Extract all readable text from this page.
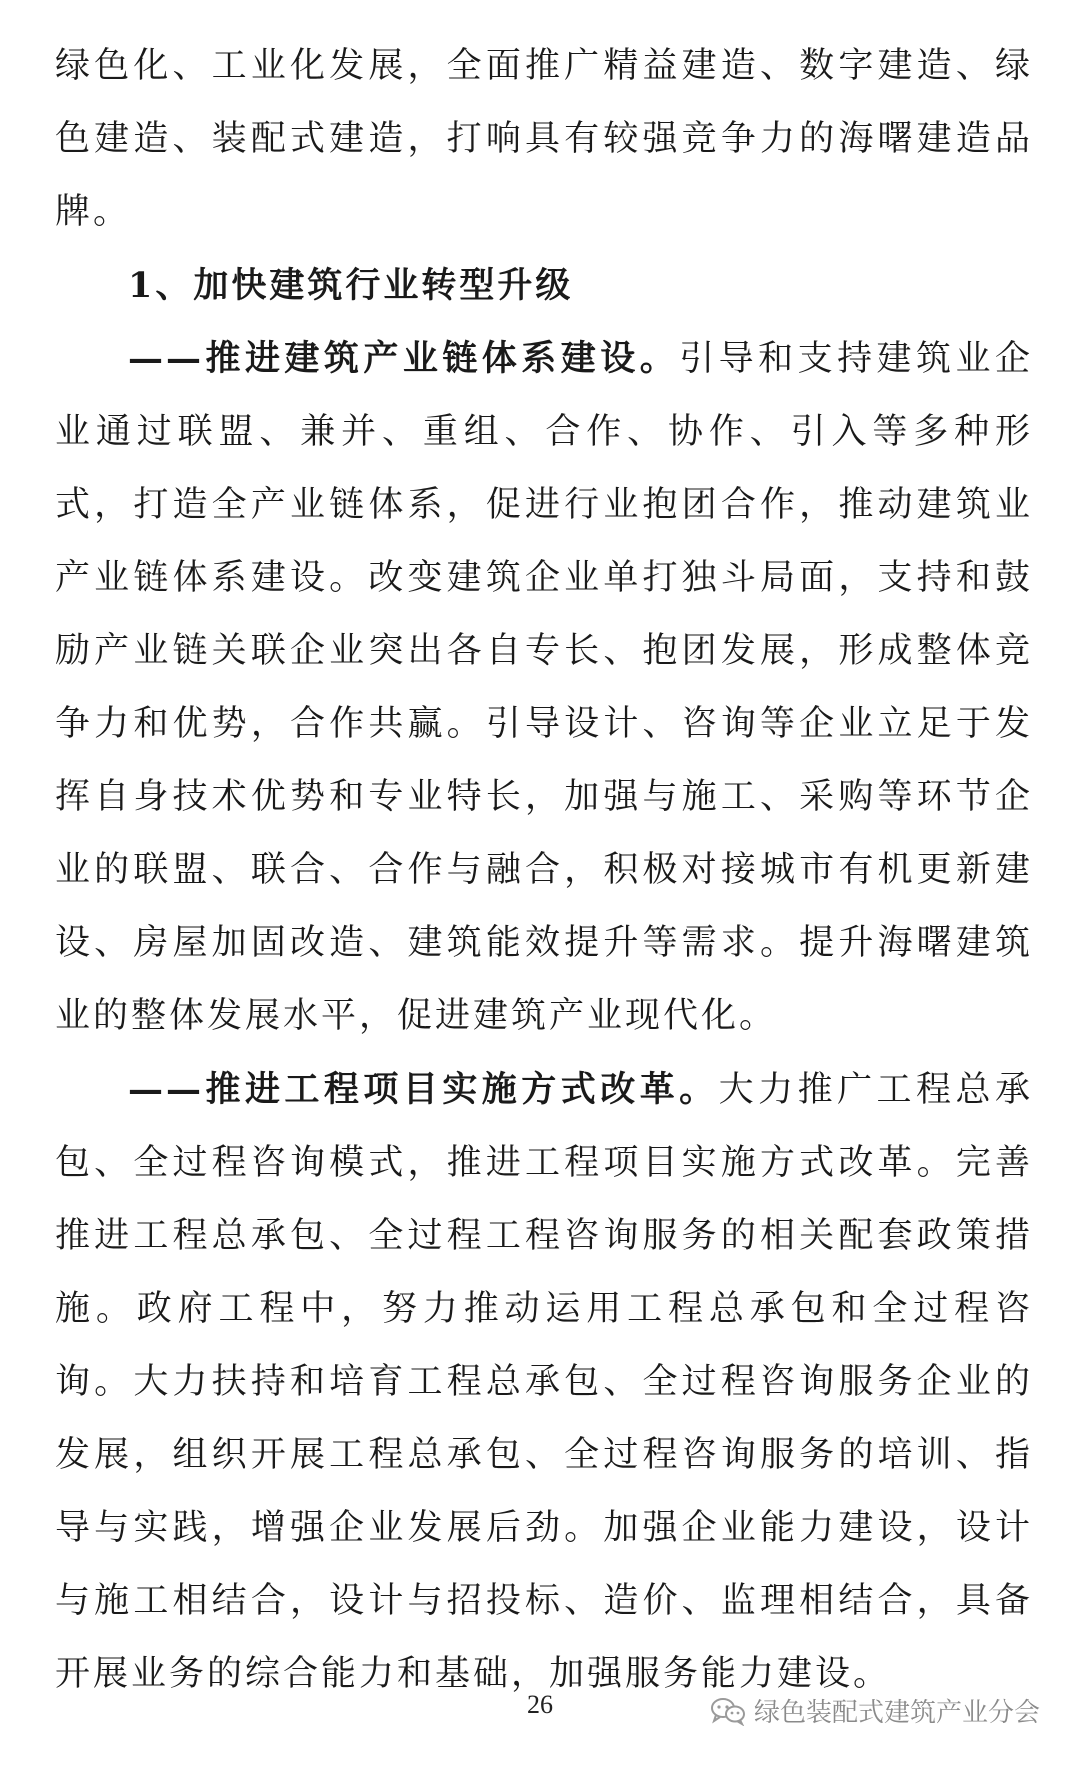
绿色化、工业化发展，全面推广精益建造、数字建造、绿色建造、装配式建造，打响具有较强竞争力的海曙建造品牌。

1、加快建筑行业转型升级

——推进建筑产业链体系建设。引导和支持建筑业企业通过联盟、兼并、重组、合作、协作、引入等多种形式，打造全产业链体系，促进行业抱团合作，推动建筑业产业链体系建设。改变建筑企业单打独斗局面，支持和鼓励产业链关联企业突出各自专长、抱团发展，形成整体竞争力和优势，合作共赢。引导设计、咨询等企业立足于发挥自身技术优势和专业特长，加强与施工、采购等环节企业的联盟、联合、合作与融合，积极对接城市有机更新建设、房屋加固改造、建筑能效提升等需求。提升海曙建筑业的整体发展水平，促进建筑产业现代化。

——推进工程项目实施方式改革。大力推广工程总承包、全过程咨询模式，推进工程项目实施方式改革。完善推进工程总承包、全过程工程咨询服务的相关配套政策措施。政府工程中，努力推动运用工程总承包和全过程咨询。大力扶持和培育工程总承包、全过程咨询服务企业的发展，组织开展工程总承包、全过程咨询服务的培训、指导与实践，增强企业发展后劲。加强企业能力建设，设计与施工相结合，设计与招投标、造价、监理相结合，具备开展业务的综合能力和基础，加强服务能力建设。

26	绿色装配式建筑产业分会
